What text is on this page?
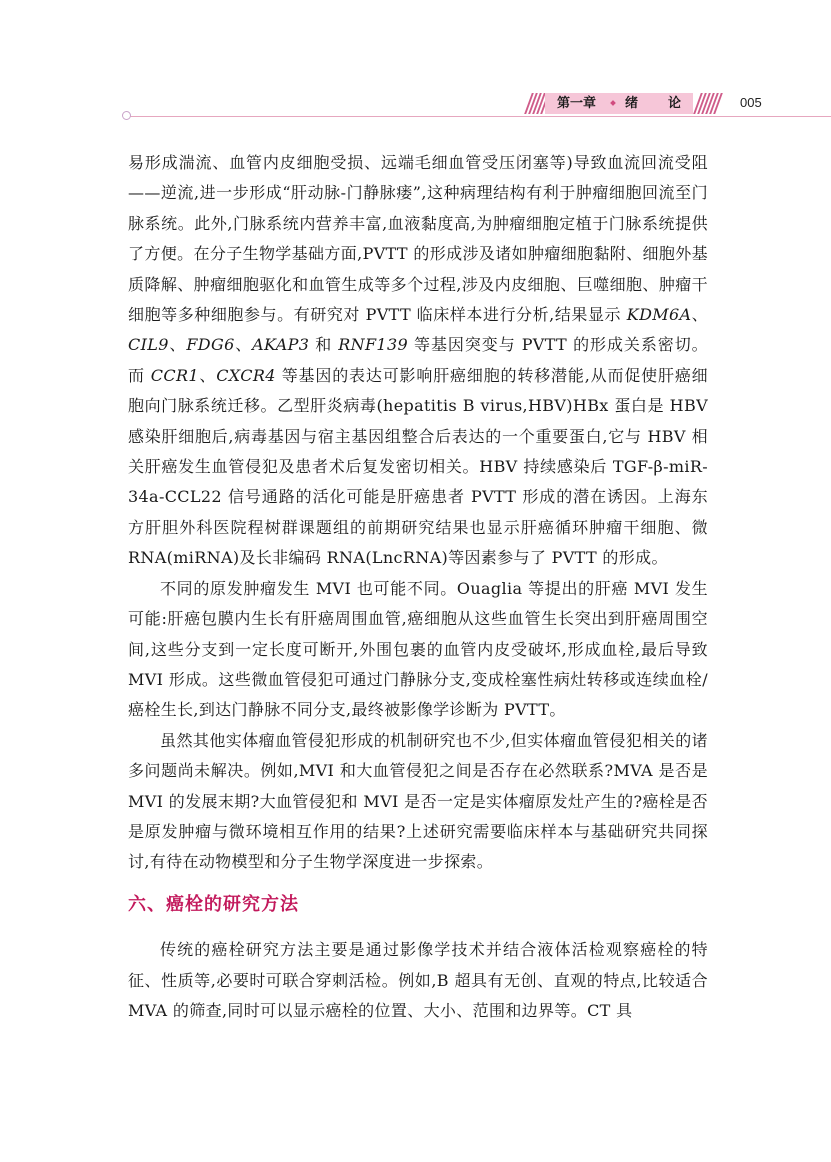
第一章 绪 论	005

易形成湍流、血管内皮细胞受损、远端毛细血管受压闭塞等)导致血流回流受阻——逆流,进一步形成“肝动脉-门静脉瘘”,这种病理结构有利于肿瘤细胞回流至门脉系统。此外,门脉系统内营养丰富,血液黏度高,为肿瘤细胞定植于门脉系统提供了方便。在分子生物学基础方面,PVTT 的形成涉及诸如肿瘤细胞黏附、细胞外基质降解、肿瘤细胞驱化和血管生成等多个过程,涉及内皮细胞、巨噬细胞、肿瘤干细胞等多种细胞参与。有研究对 PVTT 临床样本进行分析,结果显示 KDM6A、CIL9、FDG6、AKAP3 和 RNF139 等基因突变与 PVTT 的形成关系密切。而 CCR1、CXCR4 等基因的表达可影响肝癌细胞的转移潜能,从而促使肝癌细胞向门脉系统迁移。乙型肝炎病毒(hepatitis B virus,HBV)HBx 蛋白是 HBV 感染肝细胞后,病毒基因与宿主基因组整合后表达的一个重要蛋白,它与 HBV 相关肝癌发生血管侵犯及患者术后复发密切相关。HBV 持续感染后 TGF-β-miR-34a-CCL22 信号通路的活化可能是肝癌患者 PVTT 形成的潜在诱因。上海东方肝胆外科医院程树群课题组的前期研究结果也显示肝癌循环肿瘤干细胞、微 RNA(miRNA)及长非编码 RNA(LncRNA)等因素参与了 PVTT 的形成。

不同的原发肿瘤发生 MVI 也可能不同。Ouaglia 等提出的肝癌 MVI 发生可能:肝癌包膜内生长有肝癌周围血管,癌细胞从这些血管生长突出到肝癌周围空间,这些分支到一定长度可断开,外围包裹的血管内皮受破坏,形成血栓,最后导致 MVI 形成。这些微血管侵犯可通过门静脉分支,变成栓塞性病灶转移或连续血栓/癌栓生长,到达门静脉不同分支,最终被影像学诊断为 PVTT。

虽然其他实体瘤血管侵犯形成的机制研究也不少,但实体瘤血管侵犯相关的诸多问题尚未解决。例如,MVI 和大血管侵犯之间是否存在必然联系?MVA 是否是 MVI 的发展末期?大血管侵犯和 MVI 是否一定是实体瘤原发灶产生的?癌栓是否是原发肿瘤与微环境相互作用的结果?上述研究需要临床样本与基础研究共同探讨,有待在动物模型和分子生物学深度进一步探索。

六、癌栓的研究方法

传统的癌栓研究方法主要是通过影像学技术并结合液体活检观察癌栓的特征、性质等,必要时可联合穿刺活检。例如,B 超具有无创、直观的特点,比较适合 MVA 的筛查,同时可以显示癌栓的位置、大小、范围和边界等。CT 具
